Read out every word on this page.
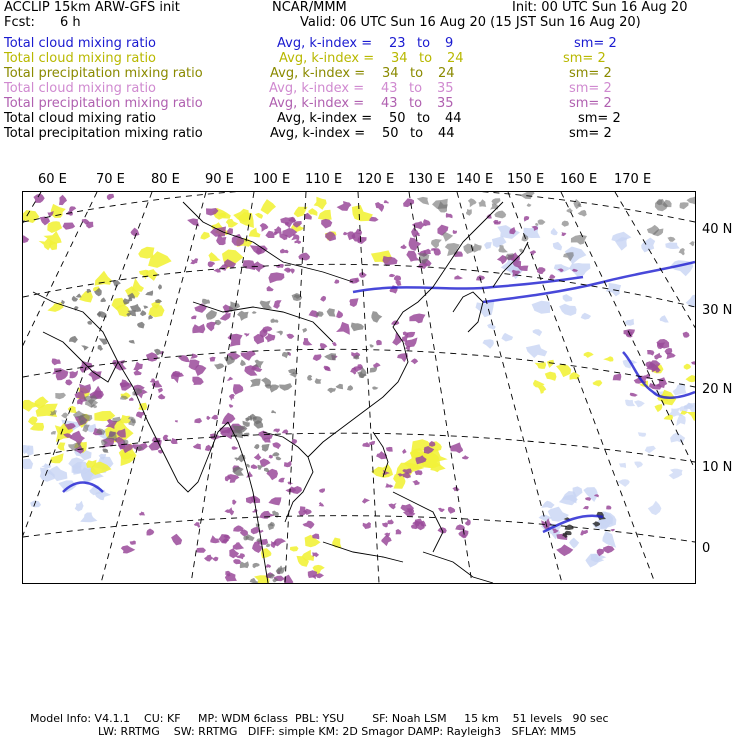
ACCLIP 15km ARW-GFS init	NCAR/MMM	Init: 00 UTC Sun 16 Aug 20
Fcst: 6 h	Valid: 06 UTC Sun 16 Aug 20 (15 JST Sun 16 Aug 20)
Total cloud mixing ratio	Avg, k-index = 23 to 9	sm= 2
Total cloud mixing ratio	Avg, k-index = 34 to 24	sm= 2
Total precipitation mixing ratio	Avg, k-index = 34 to 24	sm= 2
Total cloud mixing ratio	Avg, k-index = 43 to 35	sm= 2
Total precipitation mixing ratio	Avg, k-index = 43 to 35	sm= 2
Total cloud mixing ratio	Avg, k-index = 50 to 44	sm= 2
Total precipitation mixing ratio	Avg, k-index = 50 to 44	sm= 2
60 E 70 E 80 E 90 E 100 E 110 E 120 E 130 E 140 E 150 E 160 E 170 E
40 N
30 N
20 N
10 N
0
Model Info: V4.1.1    CU: KF     MP: WDM 6class  PBL: YSU        SF: Noah LSM     15 km    51 levels   90 sec
LW: RRTMG    SW: RRTMG   DIFF: simple KM: 2D Smagor DAMP: Rayleigh3   SFLAY: MM5
